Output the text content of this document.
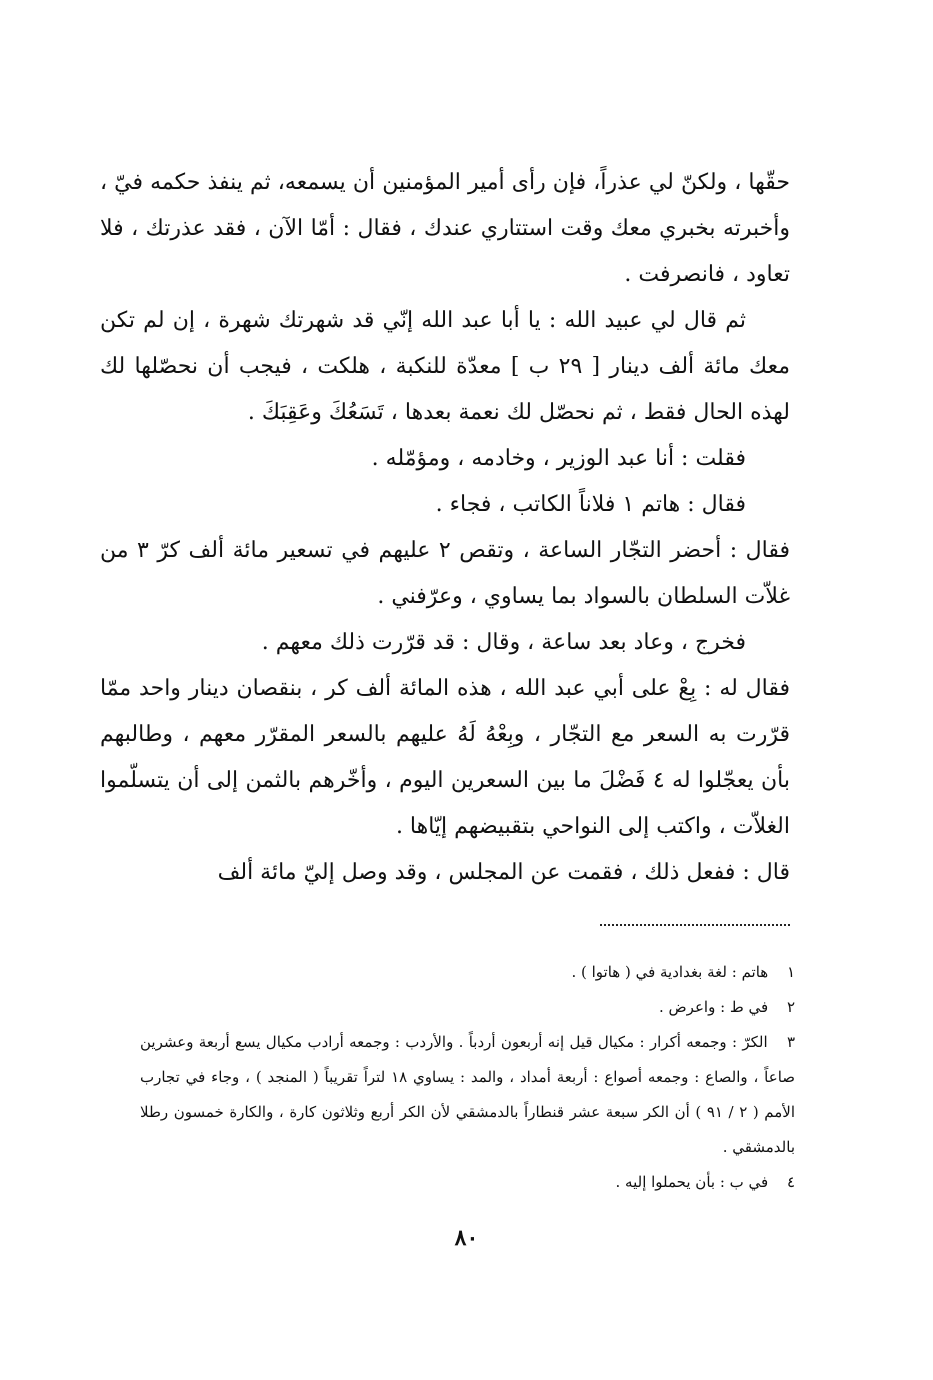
حقّها ، ولكنّ لي عذراً، فإن رأى أمير المؤمنين أن يسمعه، ثم ينفذ حكمه فيّ ، وأخبرته بخبري معك وقت استتاري عندك ، فقال : أمّا الآن ، فقد عذرتك ، فلا تعاود ، فانصرفت .

ثم قال لي عبيد الله : يا أبا عبد الله إنّي قد شهرتك شهرة ، إن لم تكن معك مائة ألف دينار [ ٢٩ ب ] معدّة للنكبة ، هلكت ، فيجب أن نحصّلها لك لهذه الحال فقط ، ثم نحصّل لك نعمة بعدها ، تَسَعُكَ وعَقِبَكَ .

فقلت : أنا عبد الوزير ، وخادمه ، ومؤمّله .

فقال : هاتم ١ فلاناً الكاتب ، فجاء .

فقال : أحضر التجّار الساعة ، وتقص ٢ عليهم في تسعير مائة ألف كرّ ٣ من غلاّت السلطان بالسواد بما يساوي ، وعرّفني .

فخرج ، وعاد بعد ساعة ، وقال : قد قرّرت ذلك معهم .

فقال له : بِعْ على أبي عبد الله ، هذه المائة ألف كر ، بنقصان دينار واحد ممّا قرّرت به السعر مع التجّار ، وبِعْهُ لَهُ عليهم بالسعر المقرّر معهم ، وطالبهم بأن يعجّلوا له ٤ فَضْلَ ما بين السعرين اليوم ، وأخّرهم بالثمن إلى أن يتسلّموا الغلاّت ، واكتب إلى النواحي بتقبيضهم إيّاها .

قال : ففعل ذلك ، فقمت عن المجلس ، وقد وصل إليّ مائة ألف

١ هاتم : لغة بغدادية في ( هاتوا ) .

٢ في ط : واعرض .

٣ الكرّ : وجمعه أكرار : مكيال قيل إنه أربعون أردباً . والأردب : وجمعه أرادب مكيال يسع أربعة وعشرين صاعاً ، والصاع : وجمعه أصواع : أربعة أمداد ، والمد : يساوي ١٨ لتراً تقريباً ( المنجد ) ، وجاء في تجارب الأمم ( ٢ / ٩١ ) أن الكر سبعة عشر قنطاراً بالدمشقي لأن الكر أربع وثلاثون كارة ، والكارة خمسون رطلا بالدمشقي .

٤ في ب : بأن يحملوا إليه .

٨٠
